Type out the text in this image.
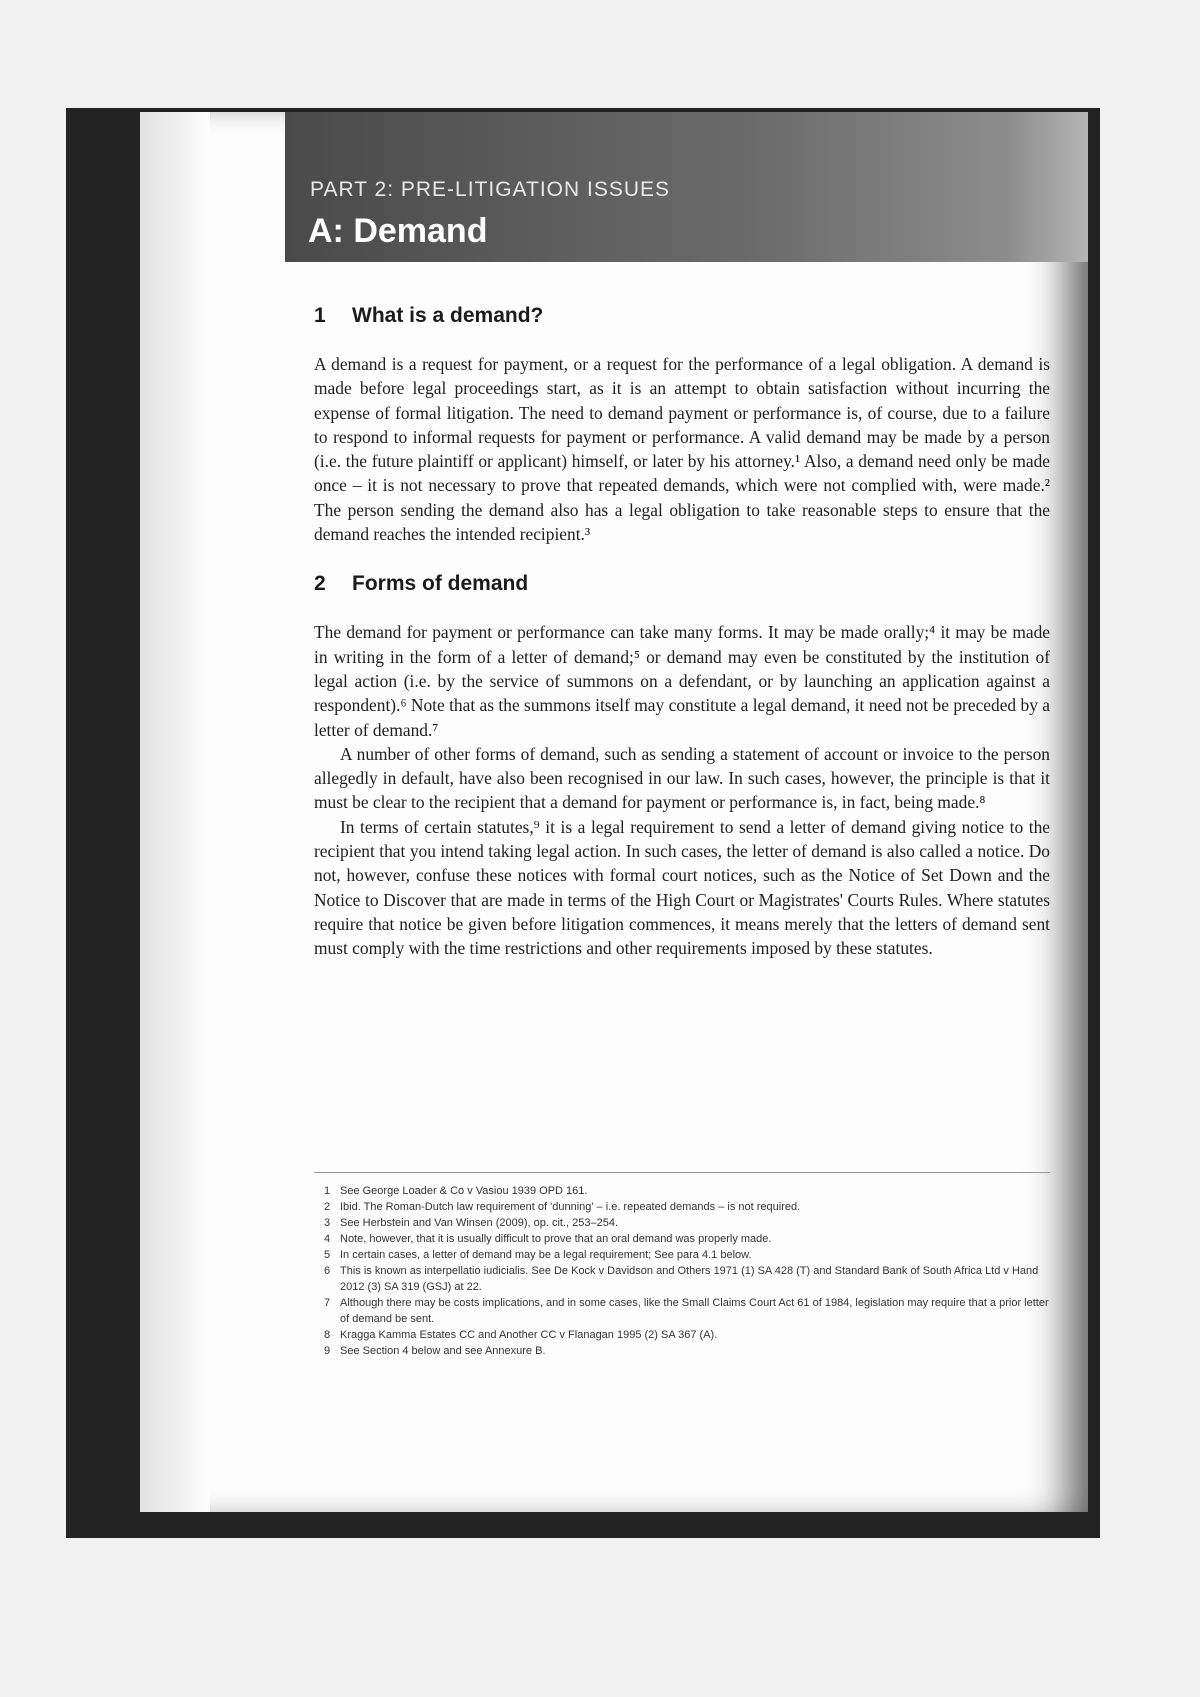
PART 2: PRE-LITIGATION ISSUES
A: Demand
1 What is a demand?

A demand is a request for payment, or a request for the performance of a legal obligation. A demand is made before legal proceedings start, as it is an attempt to obtain satisfaction without incurring the expense of formal litigation. The need to demand payment or performance is, of course, due to a failure to respond to informal requests for payment or performance. A valid demand may be made by a person (i.e. the future plaintiff or applicant) himself, or later by his attorney.¹ Also, a demand need only be made once – it is not necessary to prove that repeated demands, which were not complied with, were made.² The person sending the demand also has a legal obligation to take reasonable steps to ensure that the demand reaches the intended recipient.³

2 Forms of demand

The demand for payment or performance can take many forms. It may be made orally;⁴ it may be made in writing in the form of a letter of demand;⁵ or demand may even be constituted by the institution of legal action (i.e. by the service of summons on a defendant, or by launching an application against a respondent).⁶ Note that as the summons itself may constitute a legal demand, it need not be preceded by a letter of demand.⁷

A number of other forms of demand, such as sending a statement of account or invoice to the person allegedly in default, have also been recognised in our law. In such cases, however, the principle is that it must be clear to the recipient that a demand for payment or performance is, in fact, being made.⁸

In terms of certain statutes,⁹ it is a legal requirement to send a letter of demand giving notice to the recipient that you intend taking legal action. In such cases, the letter of demand is also called a notice. Do not, however, confuse these notices with formal court notices, such as the Notice of Set Down and the Notice to Discover that are made in terms of the High Court or Magistrates' Courts Rules. Where statutes require that notice be given before litigation commences, it means merely that the letters of demand sent must comply with the time restrictions and other requirements imposed by these statutes.

1 See George Loader & Co v Vasiou 1939 OPD 161.
2 Ibid. The Roman-Dutch law requirement of 'dunning' – i.e. repeated demands – is not required.
3 See Herbstein and Van Winsen (2009), op. cit., 253–254.
4 Note, however, that it is usually difficult to prove that an oral demand was properly made.
5 In certain cases, a letter of demand may be a legal requirement; See para 4.1 below.
6 This is known as interpellatio iudicialis. See De Kock v Davidson and Others 1971 (1) SA 428 (T) and Standard Bank of South Africa Ltd v Hand 2012 (3) SA 319 (GSJ) at 22.
7 Although there may be costs implications, and in some cases, like the Small Claims Court Act 61 of 1984, legislation may require that a prior letter of demand be sent.
8 Kragga Kamma Estates CC and Another CC v Flanagan 1995 (2) SA 367 (A).
9 See Section 4 below and see Annexure B.
